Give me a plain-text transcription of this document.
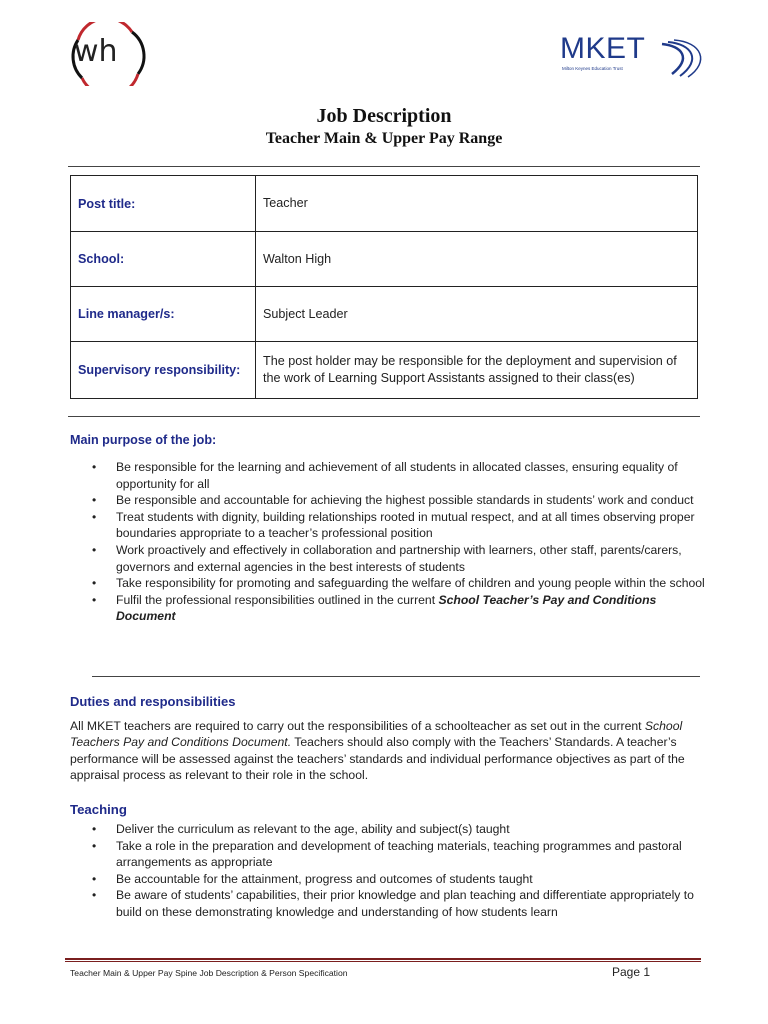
wh	MKET
Milton Keynes Education Trust
Job Description
Teacher Main & Upper Pay Range
Post title:	Teacher
School:	Walton High
Line manager/s:	Subject Leader
Supervisory responsibility:	The post holder may be responsible for the deployment and supervision of the work of Learning Support Assistants assigned to their class(es)
Main purpose of the job:
• Be responsible for the learning and achievement of all students in allocated classes, ensuring equality of opportunity for all
• Be responsible and accountable for achieving the highest possible standards in students’ work and conduct
• Treat students with dignity, building relationships rooted in mutual respect, and at all times observing proper boundaries appropriate to a teacher’s professional position
• Work proactively and effectively in collaboration and partnership with learners, other staff, parents/carers, governors and external agencies in the best interests of students
• Take responsibility for promoting and safeguarding the welfare of children and young people within the school
• Fulfil the professional responsibilities outlined in the current School Teacher’s Pay and Conditions Document
Duties and responsibilities
All MKET teachers are required to carry out the responsibilities of a schoolteacher as set out in the current School Teachers Pay and Conditions Document. Teachers should also comply with the Teachers’ Standards. A teacher’s performance will be assessed against the teachers’ standards and individual performance objectives as part of the appraisal process as relevant to their role in the school.
Teaching
• Deliver the curriculum as relevant to the age, ability and subject(s) taught
• Take a role in the preparation and development of teaching materials, teaching programmes and pastoral arrangements as appropriate
• Be accountable for the attainment, progress and outcomes of students taught
• Be aware of students’ capabilities, their prior knowledge and plan teaching and differentiate appropriately to build on these demonstrating knowledge and understanding of how students learn
Teacher Main & Upper Pay Spine Job Description & Person Specification	Page 1
